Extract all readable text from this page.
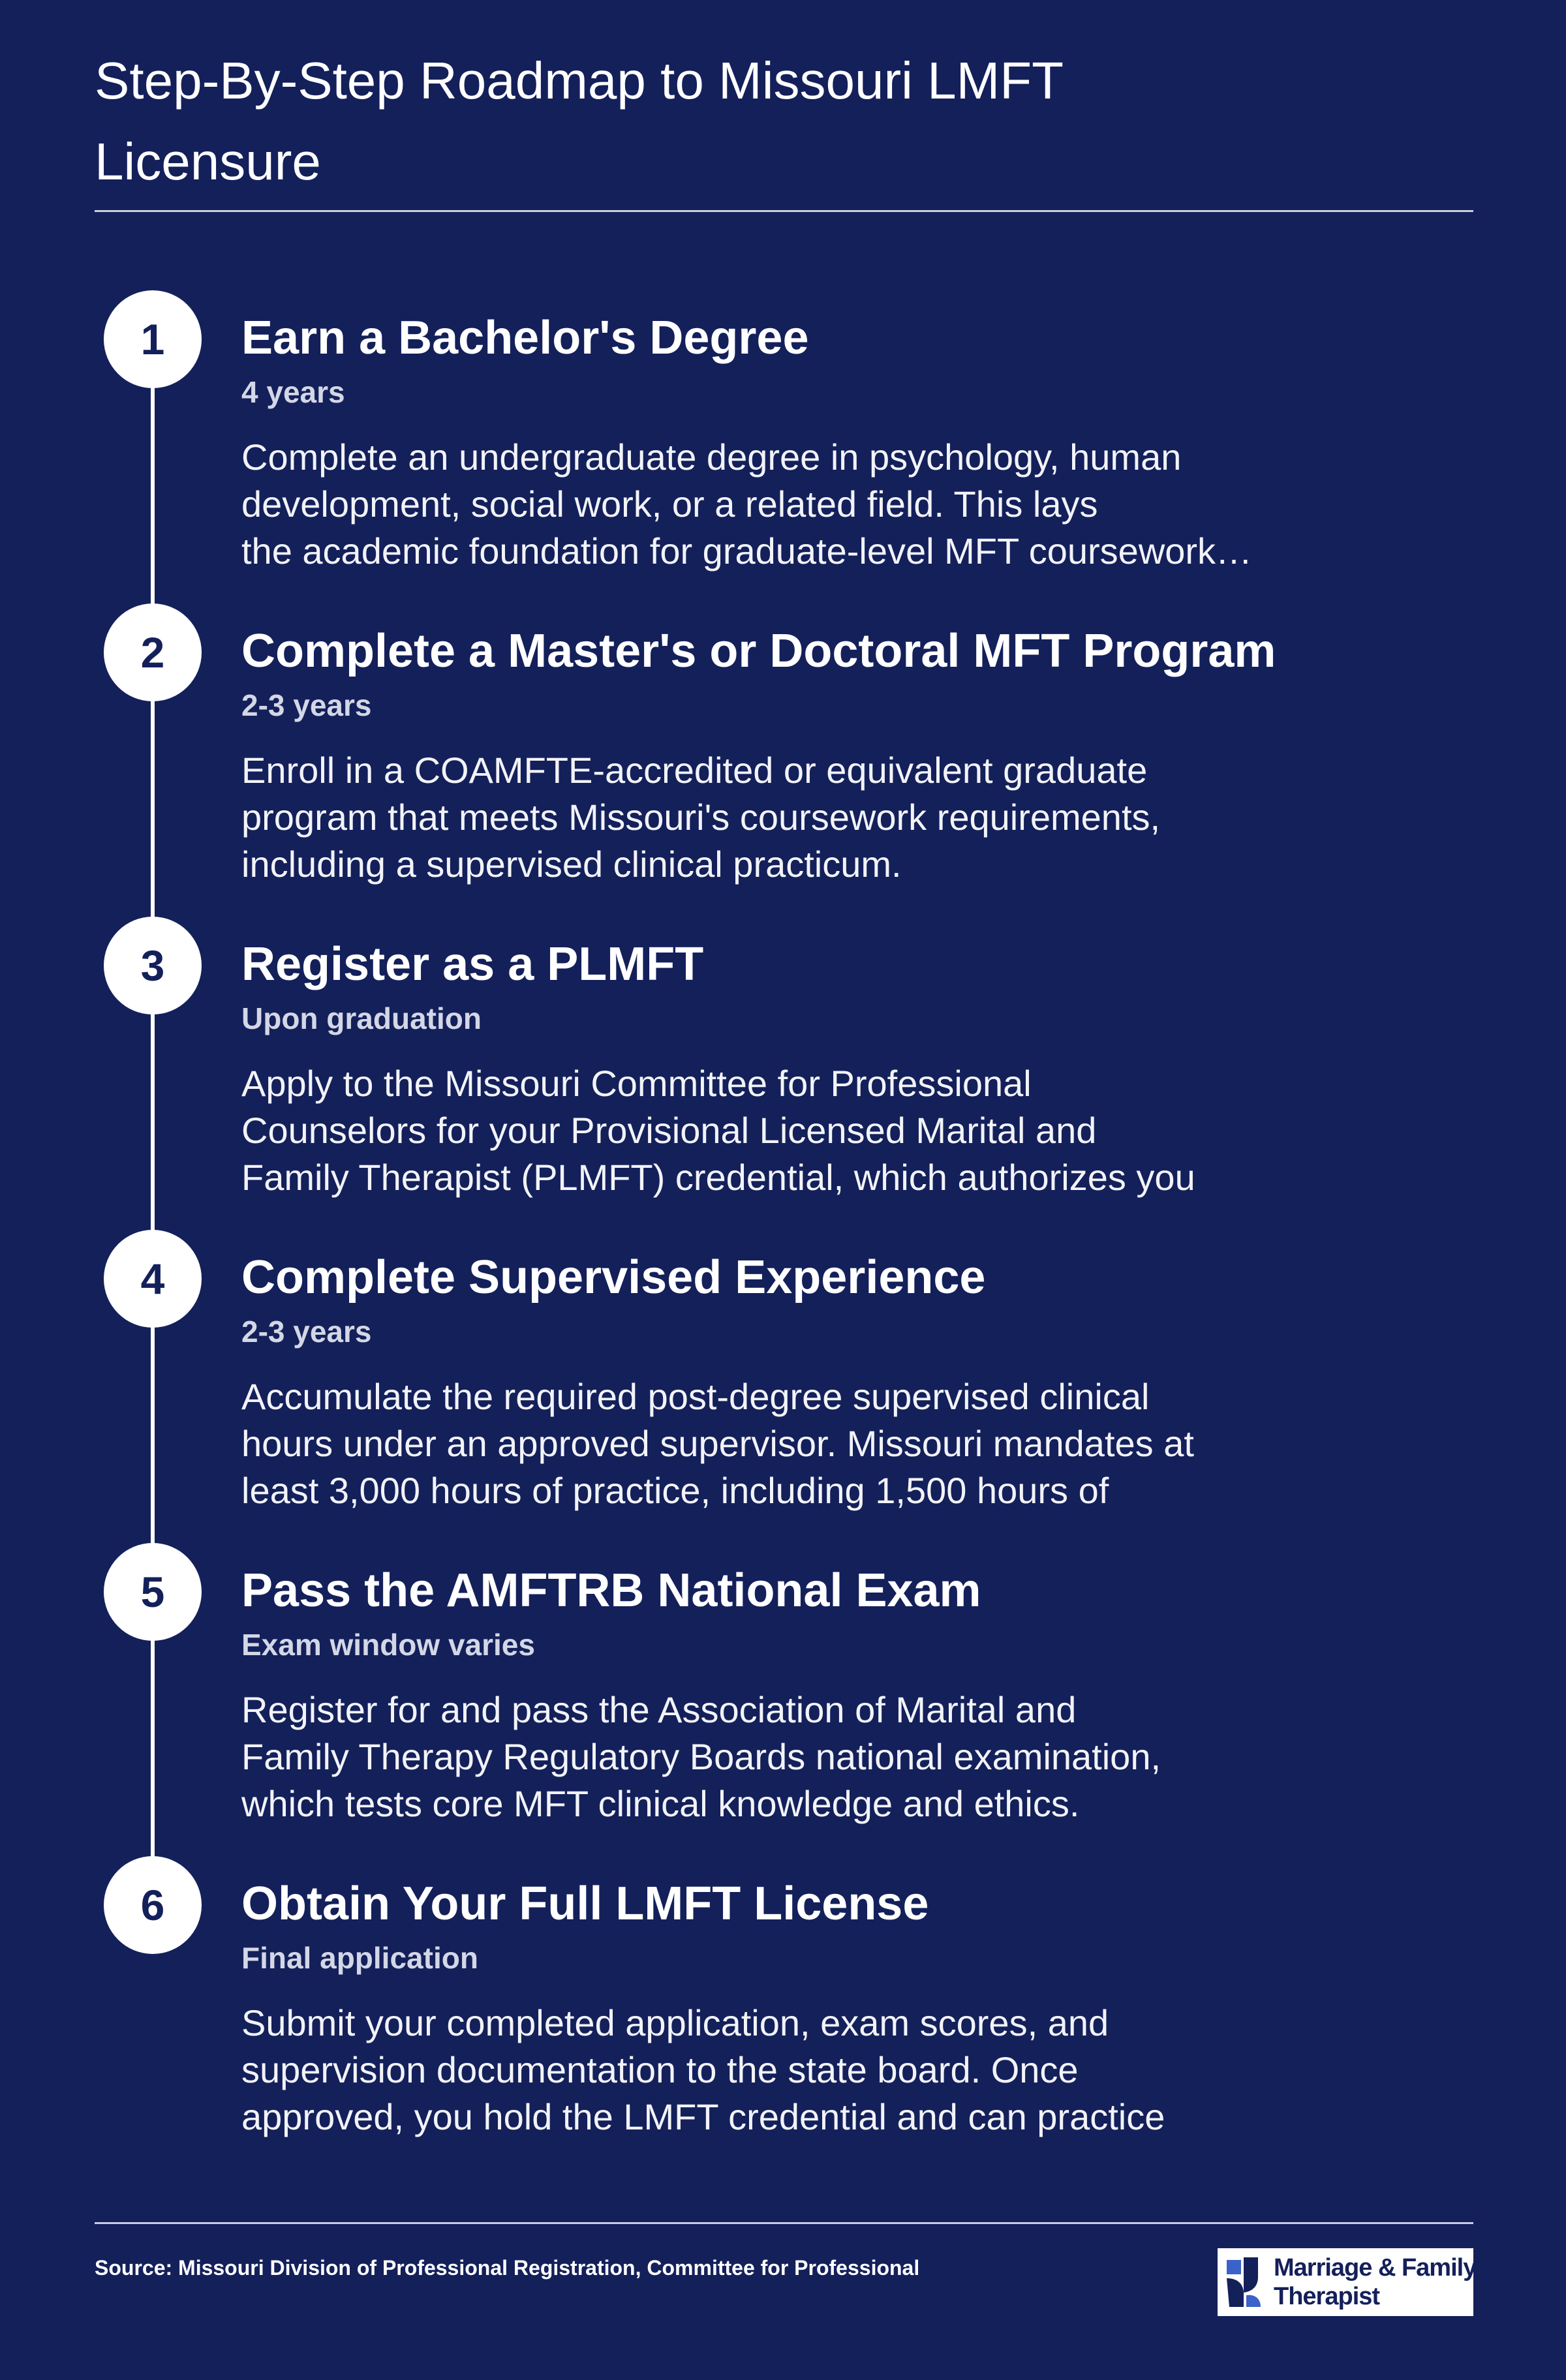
Step-By-Step Roadmap to Missouri LMFT Licensure
1	Earn a Bachelor's Degree
4 years

Complete an undergraduate degree in psychology, human
development, social work, or a related field. This lays
the academic foundation for graduate-level MFT coursework…

2	Complete a Master's or Doctoral MFT Program
2-3 years

Enroll in a COAMFTE-accredited or equivalent graduate
program that meets Missouri's coursework requirements,
including a supervised clinical practicum.

3	Register as a PLMFT
Upon graduation

Apply to the Missouri Committee for Professional
Counselors for your Provisional Licensed Marital and
Family Therapist (PLMFT) credential, which authorizes you

4	Complete Supervised Experience
2-3 years

Accumulate the required post-degree supervised clinical
hours under an approved supervisor. Missouri mandates at
least 3,000 hours of practice, including 1,500 hours of

5	Pass the AMFTRB National Exam
Exam window varies

Register for and pass the Association of Marital and
Family Therapy Regulatory Boards national examination,
which tests core MFT clinical knowledge and ethics.

6	Obtain Your Full LMFT License
Final application

Submit your completed application, exam scores, and
supervision documentation to the state board. Once
approved, you hold the LMFT credential and can practice

Source: Missouri Division of Professional Registration, Committee for Professional	Marriage & Family
Therapist
